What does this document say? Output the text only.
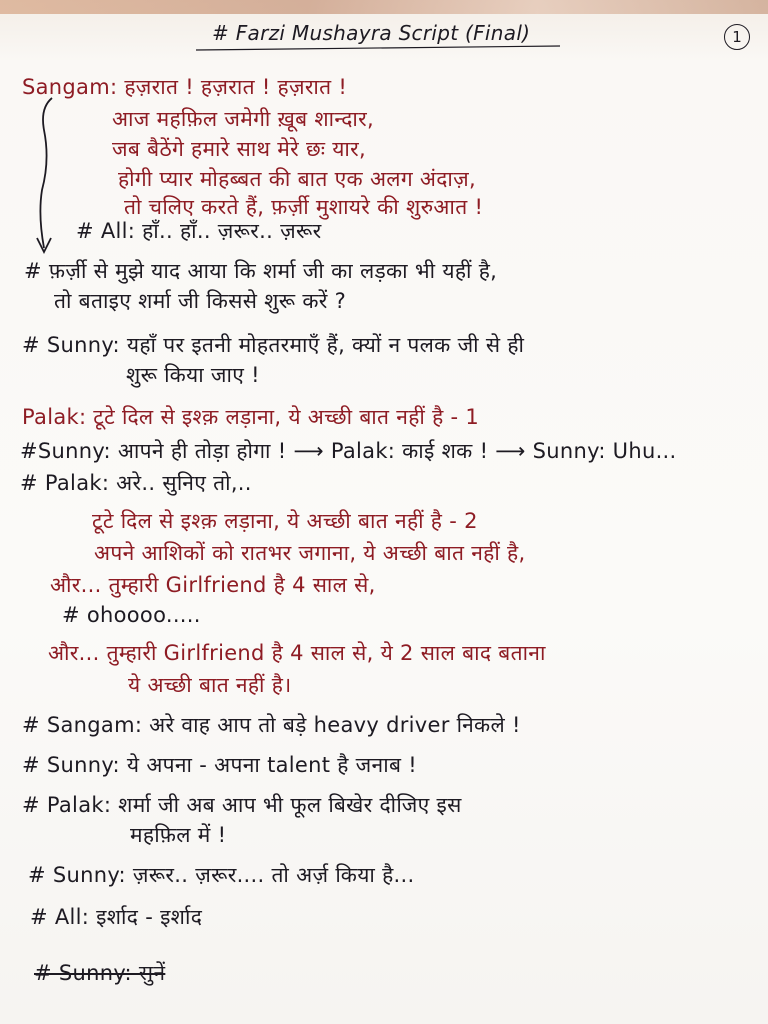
# Farzi Mushayra Script (Final)	1
Sangam: हज़रात ! हज़रात ! हज़रात !
आज महफ़िल जमेगी ख़ूब शान्दार,
जब बैठेंगे हमारे साथ मेरे छः यार,
होगी प्यार मोहब्बत की बात एक अलग अंदाज़,
तो चलिए करते हैं, फ़र्ज़ी मुशायरे की शुरुआत !
# All: हाँ.. हाँ.. ज़रूर.. ज़रूर
# फ़र्ज़ी से मुझे याद आया कि शर्मा जी का लड़का भी यहीं है,
तो बताइए शर्मा जी किससे शुरू करें ?
# Sunny: यहाँ पर इतनी मोहतरमाएँ हैं, क्यों न पलक जी से ही
शुरू किया जाए !
Palak: टूटे दिल से इश्क़ लड़ाना, ये अच्छी बात नहीं है - 1
#Sunny: आपने ही तोड़ा होगा ! ⟶ Palak: काई शक ! ⟶ Sunny: Uhu...
# Palak: अरे.. सुनिए तो,..
टूटे दिल से इश्क़ लड़ाना, ये अच्छी बात नहीं है - 2
अपने आशिकों को रातभर जगाना, ये अच्छी बात नहीं है,
और... तुम्हारी Girlfriend है 4 साल से,
# ohoooo.....
और... तुम्हारी Girlfriend है 4 साल से, ये 2 साल बाद बताना
ये अच्छी बात नहीं है।
# Sangam: अरे वाह आप तो बड़े heavy driver निकले !
# Sunny: ये अपना - अपना talent है जनाब !
# Palak: शर्मा जी अब आप भी फूल बिखेर दीजिए इस
महफ़िल में !
# Sunny: ज़रूर.. ज़रूर.... तो अर्ज़ किया है...
# All: इर्शाद - इर्शाद
# Sunny: सुनें
